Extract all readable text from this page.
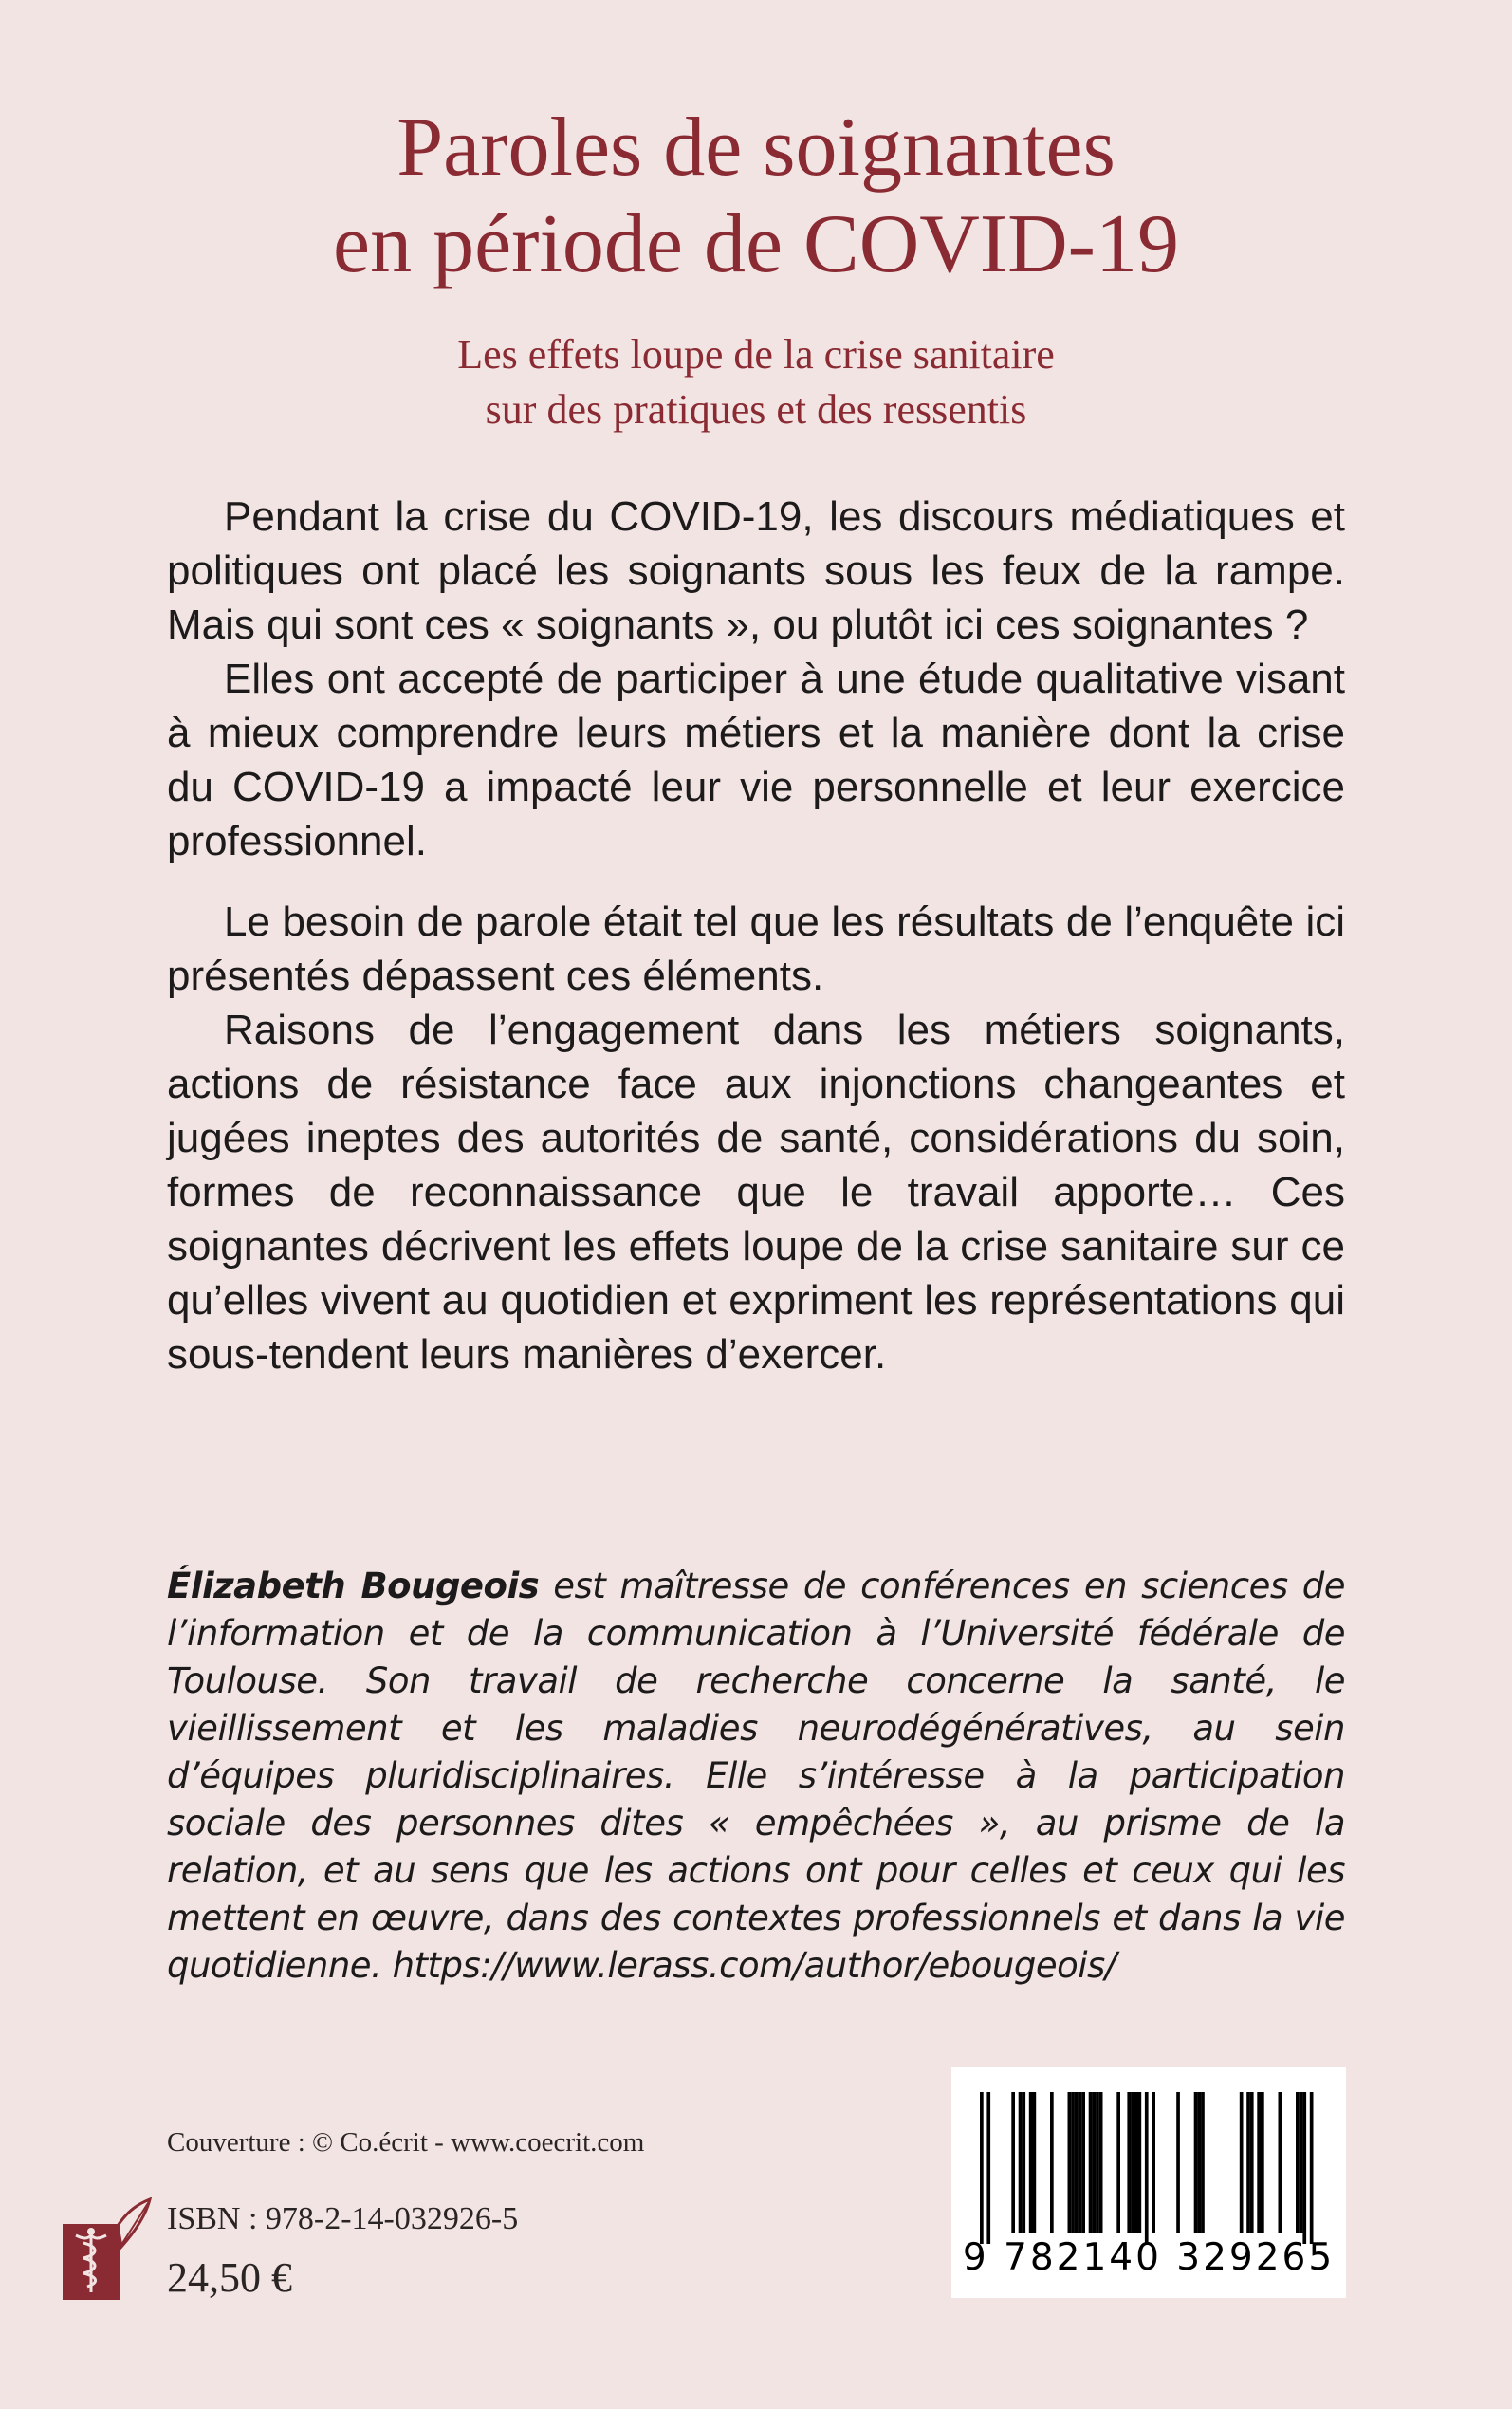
Paroles de soignantes
en période de COVID-19
Les effets loupe de la crise sanitaire
sur des pratiques et des ressentis

Pendant la crise du COVID-19, les discours médiatiques et politiques ont placé les soignants sous les feux de la rampe. Mais qui sont ces « soignants », ou plutôt ici ces soignantes ?

Elles ont accepté de participer à une étude qualitative visant à mieux comprendre leurs métiers et la manière dont la crise du COVID-19 a impacté leur vie personnelle et leur exercice professionnel.

Le besoin de parole était tel que les résultats de l’enquête ici présentés dépassent ces éléments.

Raisons de l’engagement dans les métiers soignants, actions de résistance face aux injonctions changeantes et jugées ineptes des autorités de santé, considérations du soin, formes de reconnaissance que le travail apporte… Ces soignantes décrivent les effets loupe de la crise sanitaire sur ce qu’elles vivent au quotidien et expriment les représentations qui sous-tendent leurs manières d’exercer.

Élizabeth Bougeois est maîtresse de conférences en sciences de l’information et de la communication à l’Université fédérale de Toulouse. Son travail de recherche concerne la santé, le vieillissement et les maladies neurodégénératives, au sein d’équipes pluridisciplinaires. Elle s’intéresse à la participation sociale des personnes dites « empêchées », au prisme de la relation, et au sens que les actions ont pour celles et ceux qui les mettent en œuvre, dans des contextes professionnels et dans la vie quotidienne. https://www.lerass.com/author/ebougeois/
Couverture : © Co.écrit - www.coecrit.com
ISBN : 978-2-14-032926-5
24,50 €	9 782140 329265
